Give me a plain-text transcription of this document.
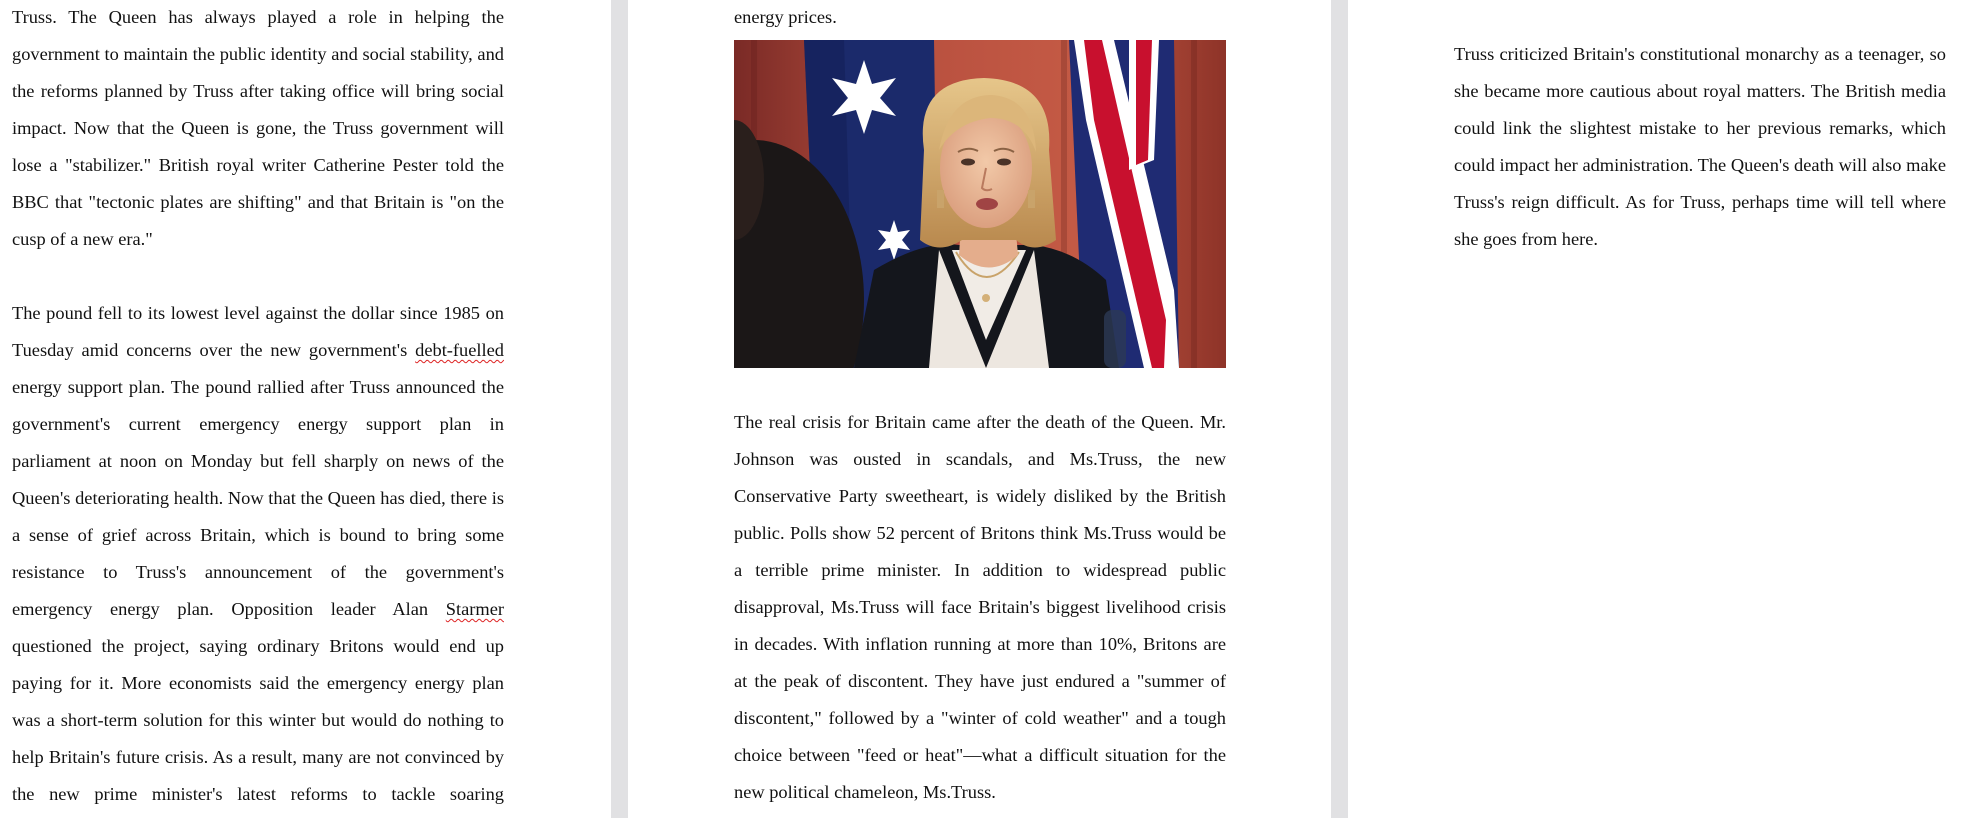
Truss. The Queen has always played a role in helping the government to maintain the public identity and social stability, and the reforms planned by Truss after taking office will bring social impact. Now that the Queen is gone, the Truss government will lose a "stabilizer." British royal writer Catherine Pester told the BBC that "tectonic plates are shifting" and that Britain is "on the cusp of a new era."

The pound fell to its lowest level against the dollar since 1985 on Tuesday amid concerns over the new government's debt-fuelled energy support plan. The pound rallied after Truss announced the government's current emergency energy support plan in parliament at noon on Monday but fell sharply on news of the Queen's deteriorating health. Now that the Queen has died, there is a sense of grief across Britain, which is bound to bring some resistance to Truss's announcement of the government's emergency energy plan. Opposition leader Alan Starmer questioned the project, saying ordinary Britons would end up paying for it. More economists said the emergency energy plan was a short-term solution for this winter but would do nothing to help Britain's future crisis. As a result, many are not convinced by the new prime minister's latest reforms to tackle soaring

energy prices.

The real crisis for Britain came after the death of the Queen. Mr. Johnson was ousted in scandals, and Ms.Truss, the new Conservative Party sweetheart, is widely disliked by the British public. Polls show 52 percent of Britons think Ms.Truss would be a terrible prime minister. In addition to widespread public disapproval, Ms.Truss will face Britain's biggest livelihood crisis in decades. With inflation running at more than 10%, Britons are at the peak of discontent. They have just endured a "summer of discontent," followed by a "winter of cold weather" and a tough choice between "feed or heat"—what a difficult situation for the new political chameleon, Ms.Truss.

Truss criticized Britain's constitutional monarchy as a teenager, so she became more cautious about royal matters. The British media could link the slightest mistake to her previous remarks, which could impact her administration. The Queen's death will also make Truss's reign difficult. As for Truss, perhaps time will tell where she goes from here.
